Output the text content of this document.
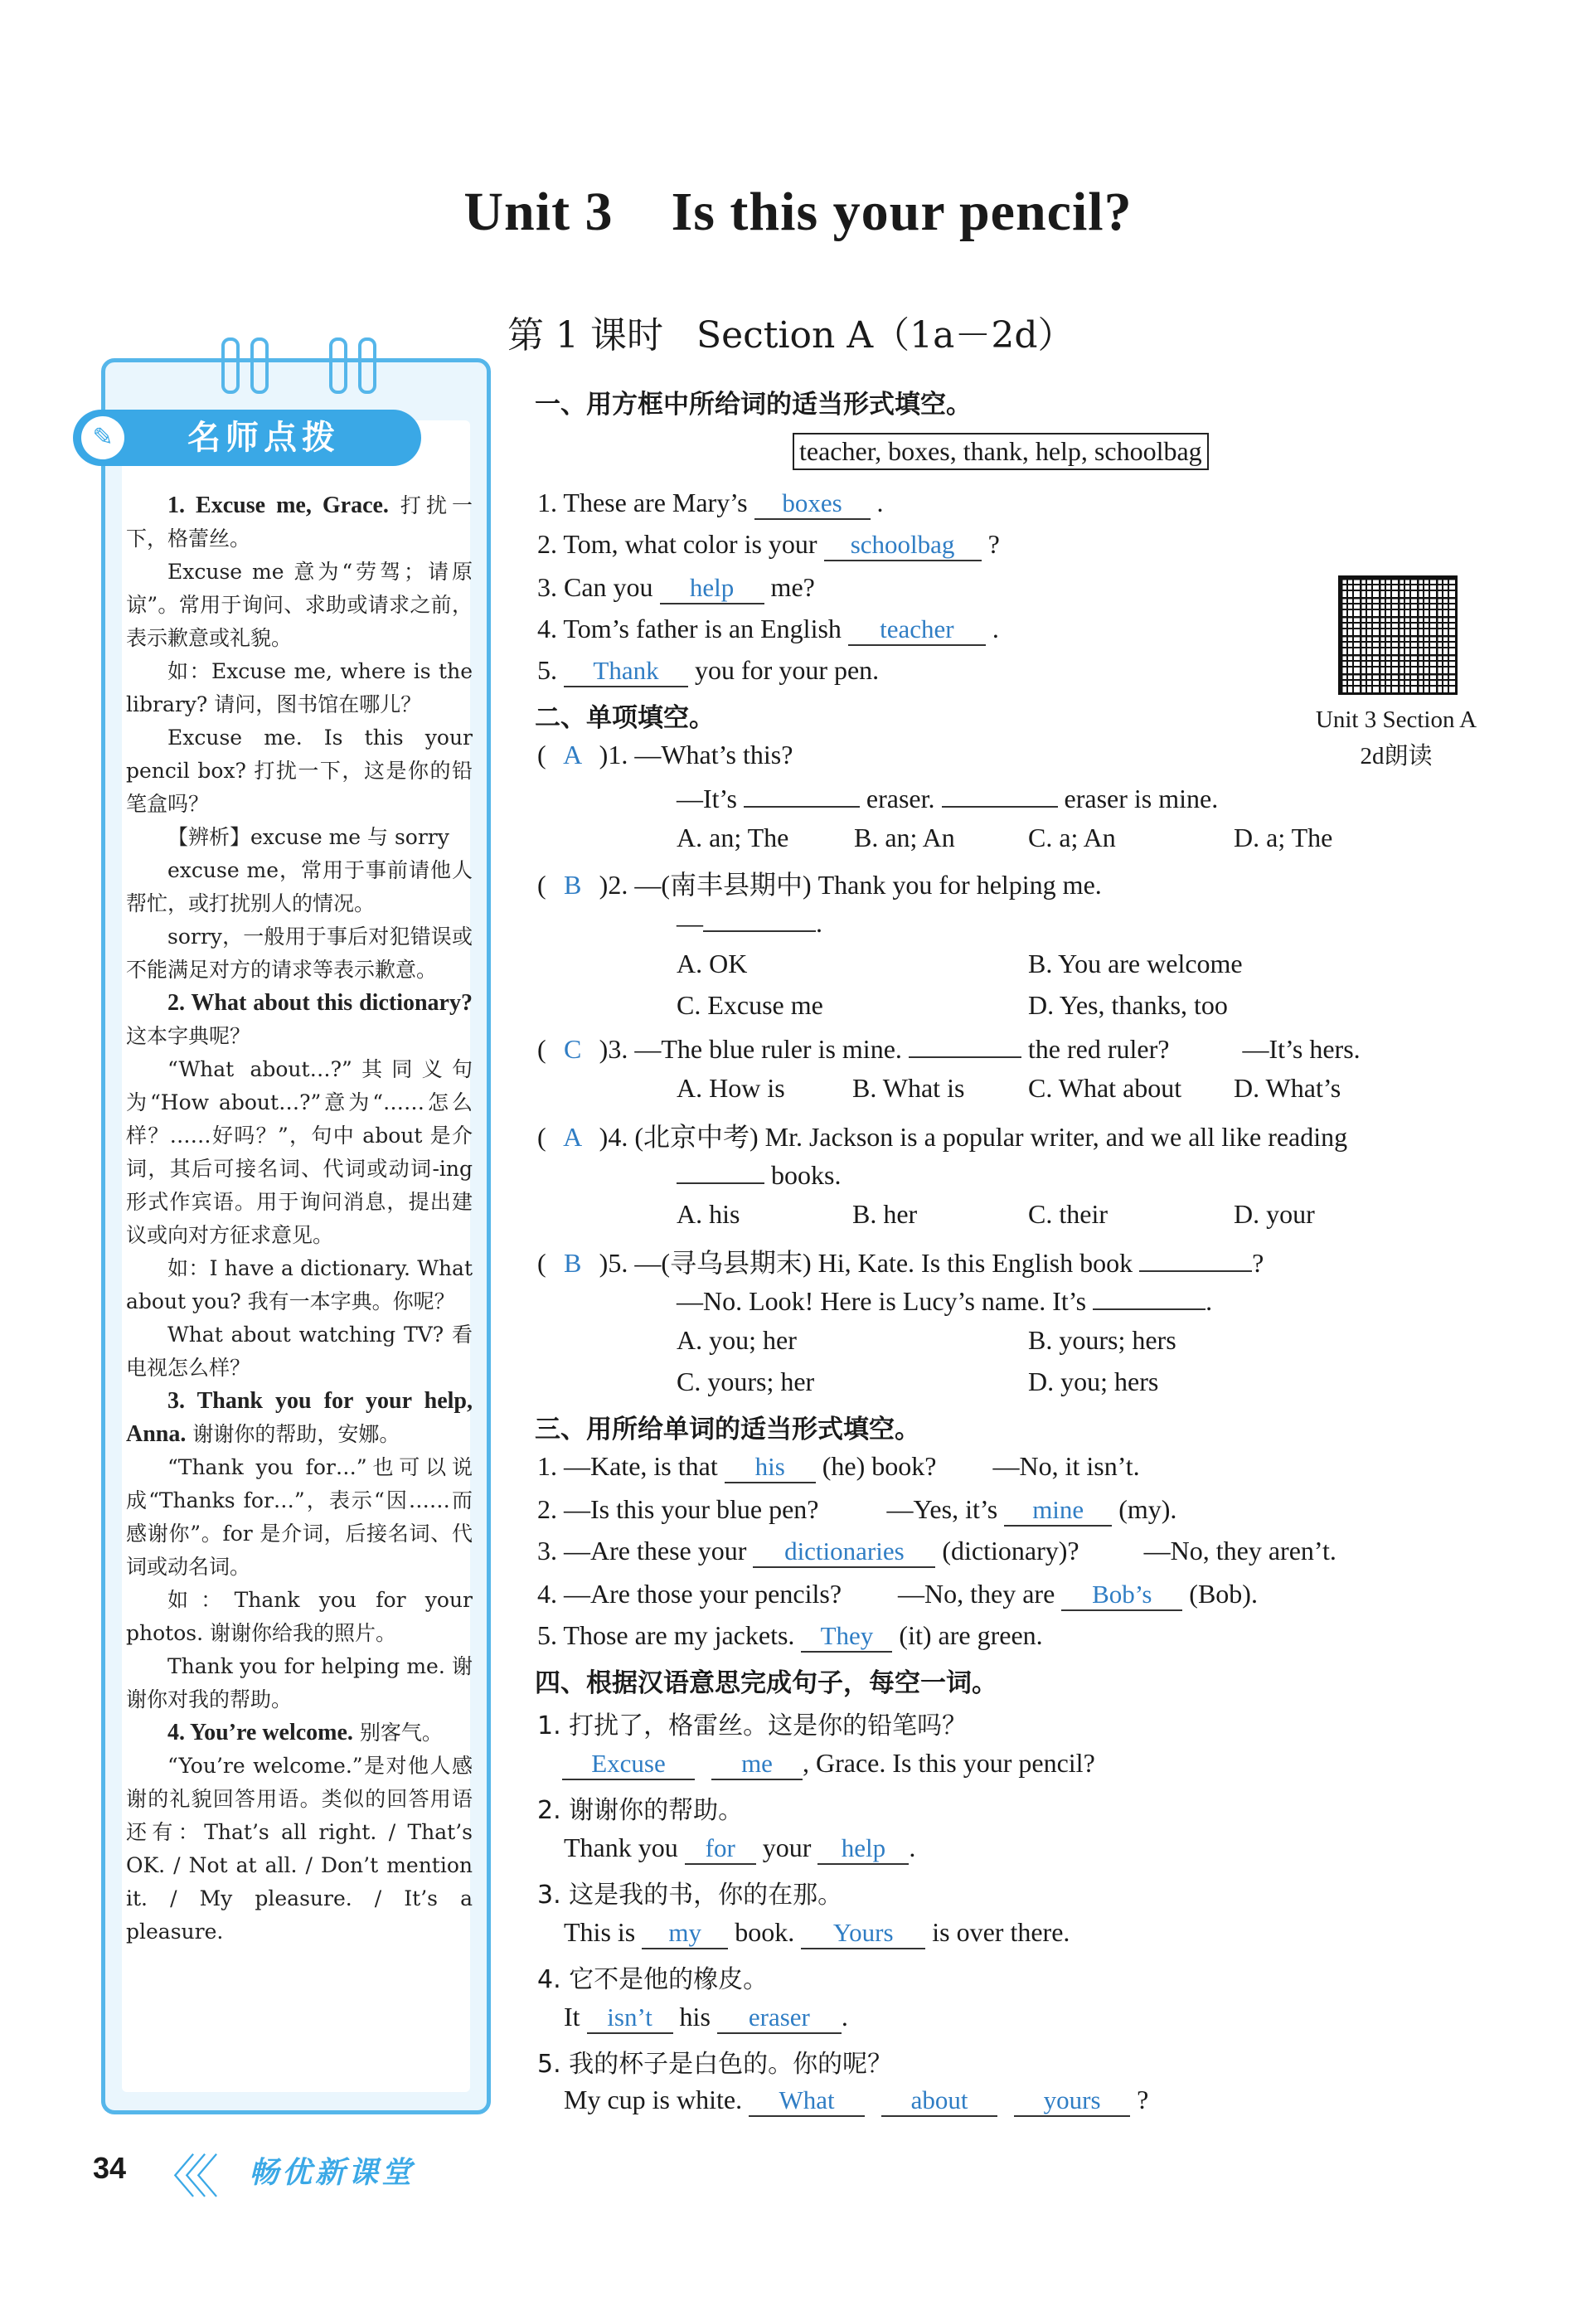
Unit 3 Is this your pencil?
第 1 课时 Section A（1a－2d）
✎	名师点拨

1. Excuse me, Grace. 打扰一下，格蕾丝。

Excuse me 意为“劳驾；请原谅”。常用于询问、求助或请求之前，表示歉意或礼貌。

如：Excuse me, where is the library? 请问，图书馆在哪儿？

Excuse me. Is this your pencil box? 打扰一下，这是你的铅笔盒吗？

【辨析】excuse me 与 sorry

excuse me，常用于事前请他人帮忙，或打扰别人的情况。

sorry，一般用于事后对犯错误或不能满足对方的请求等表示歉意。

2. What about this dictionary? 这本字典呢？

“What about…?”其同义句为“How about…?”意为“……怎么样？……好吗？”，句中 about 是介词，其后可接名词、代词或动词-ing 形式作宾语。用于询问消息，提出建议或向对方征求意见。

如：I have a dictionary. What about you? 我有一本字典。你呢？

What about watching TV? 看电视怎么样？

3. Thank you for your help, Anna. 谢谢你的帮助，安娜。

“Thank you for…”也可以说成“Thanks for…”，表示“因……而感谢你”。for 是介词，后接名词、代词或动名词。

如：Thank you for your photos. 谢谢你给我的照片。

Thank you for helping me. 谢谢你对我的帮助。

4. You’re welcome. 别客气。

“You’re welcome.”是对他人感谢的礼貌回答用语。类似的回答用语还有：That’s all right. / That’s OK. / Not at all. / Don’t mention it. / My pleasure. / It’s a pleasure.

一、用方框中所给词的适当形式填空。
teacher, boxes, thank, help, schoolbag
1. These are Mary’s boxes .
2. Tom, what color is your schoolbag ?
3. Can you help me?
4. Tom’s father is an English teacher .
5. Thank you for your pen.
Unit 3 Section A
2d朗读
二、单项填空。
( A )1. —What’s this?
—It’s	eraser.	eraser is mine.
A. an; The B. an; An	C. a; An	D. a; The
( B )2. —(南丰县期中) Thank you for helping me.
—	.
A. OK	B. You are welcome
C. Excuse me	D. Yes, thanks, too
( C )3. —The blue ruler is mine.	the red ruler?	—It’s hers.
A. How is	B. What is C. What about D. What’s
( A )4. (北京中考) Mr. Jackson is a popular writer, and we all like reading
books.
A. his	B. her	C. their	D. your
( B )5. —(寻乌县期末) Hi, Kate. Is this English book	?
—No. Look! Here is Lucy’s name. It’s	.
A. you; her	B. yours; hers
C. yours; her	D. you; hers
三、用所给单词的适当形式填空。
1. —Kate, is that his (he) book? —No, it isn’t.
2. —Is this your blue pen?	—Yes, it’s mine (my).
3. —Are these your dictionaries (dictionary)? —No, they aren’t.
4. —Are those your pencils? —No, they are Bob’s (Bob).
5. Those are my jackets. They (it) are green.
四、根据汉语意思完成句子，每空一词。
1. 打扰了，格雷丝。这是你的铅笔吗？
Excuse	me , Grace. Is this your pencil?
2. 谢谢你的帮助。
Thank you for your help .
3. 这是我的书，你的在那。
This is my book. Yours is over there.
4. 它不是他的橡皮。
It isn’t his eraser .
5. 我的杯子是白色的。你的呢？
My cup is white. What	about	yours ?
34 〈〈〈 畅优新课堂
